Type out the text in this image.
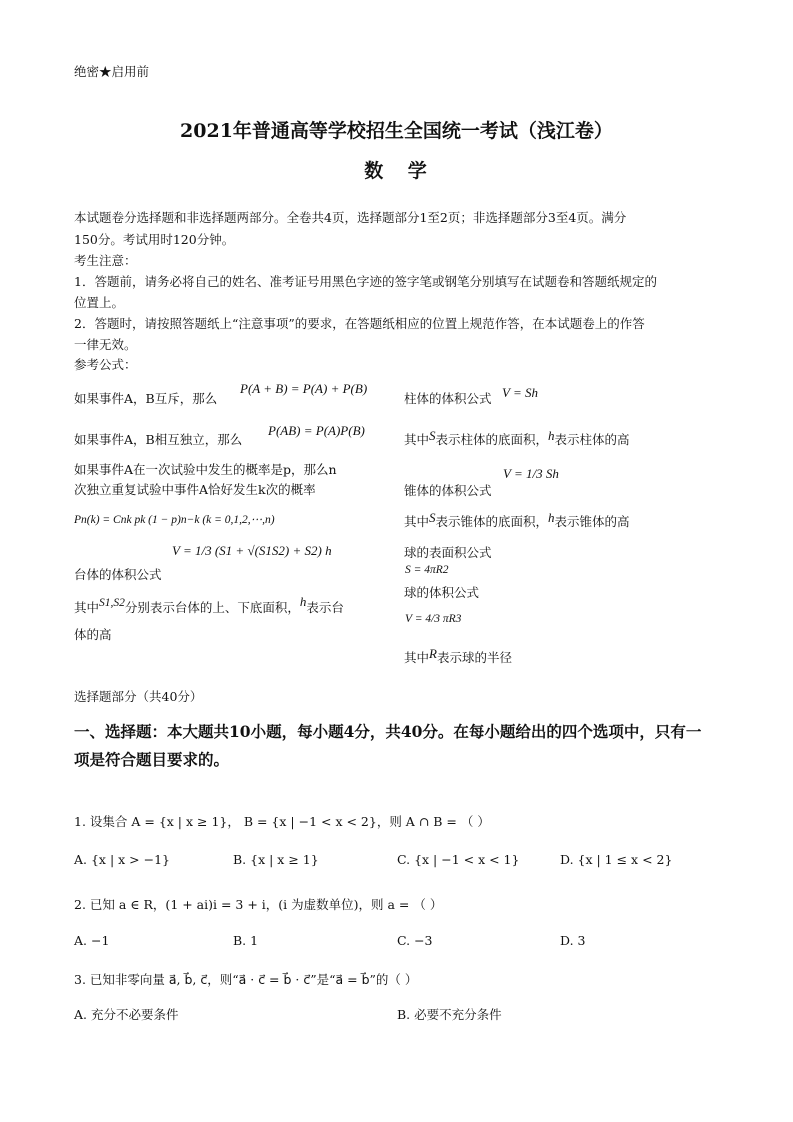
绝密★启用前
2021年普通高等学校招生全国统一考试（浅江卷）
数 学
本试题卷分选择题和非选择题两部分。全卷共4页，选择题部分1至2页；非选择题部分3至4页。满分
150分。考试用时120分钟。
考生注意：
1．答题前，请务必将自己的姓名、准考证号用黑色字迹的签字笔或钢笔分别填写在试题卷和答题纸规定的
位置上。
2．答题时，请按照答题纸上“注意事项”的要求，在答题纸相应的位置上规范作答，在本试题卷上的作答
一律无效。
参考公式：
如果事件A，B互斥，那么
P(A + B) = P(A) + P(B)
如果事件A，B相互独立，那么
P(AB) = P(A)P(B)
如果事件A在一次试验中发生的概率是p，那么n
次独立重复试验中事件A恰好发生k次的概率
Pn(k) = Cnk pk (1 − p)n−k (k = 0,1,2,⋯,n)
V = 1/3 (S1 + √(S1S2) + S2) h
台体的体积公式
其中S1,S2分别表示台体的上、下底面积，h表示台
体的高
柱体的体积公式 V = Sh
其中S表示柱体的底面积，h表示柱体的高
V = 1/3 Sh
锥体的体积公式
其中S表示锥体的底面积，h表示锥体的高
球的表面积公式
S = 4πR2
球的体积公式
V = 4/3 πR3
其中R表示球的半径
选择题部分（共40分）
一、选择题：本大题共10小题，每小题4分，共40分。在每小题给出的四个选项中，只有一
项是符合题目要求的。
1. 设集合 A = {x | x ≥ 1}， B = {x | −1 < x < 2}，则 A ∩ B = （ ）
A. {x | x > −1}	B. {x | x ≥ 1}	C. {x | −1 < x < 1}	D. {x | 1 ≤ x < 2}
2. 已知 a ∈ R，(1 + ai)i = 3 + i，(i 为虚数单位)，则 a = （ ）
A. −1	B. 1	C. −3	D. 3
3. 已知非零向量 a⃗, b⃗, c⃗，则“a⃗ · c⃗ = b⃗ · c⃗”是“a⃗ = b⃗”的（ ）
A. 充分不必要条件	B. 必要不充分条件
